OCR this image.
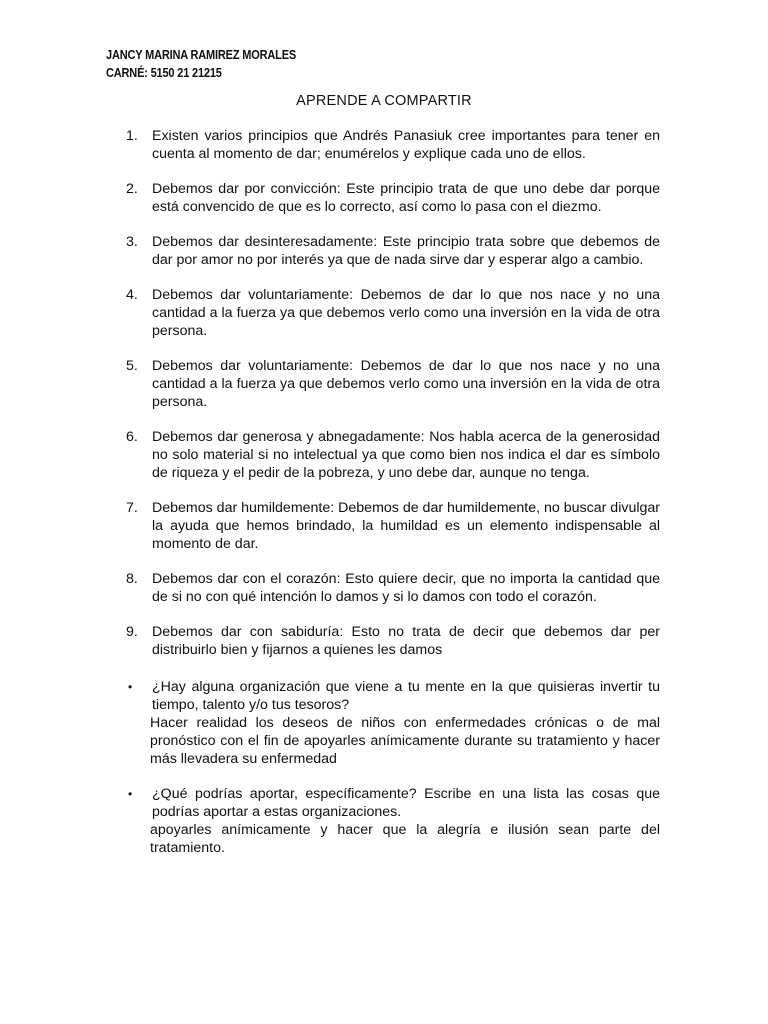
JANCY MARINA RAMIREZ MORALES
CARNÉ: 5150 21 21215
APRENDE A COMPARTIR
1. Existen varios principios que Andrés Panasiuk cree importantes para tener en cuenta al momento de dar; enumérelos y explique cada uno de ellos.
2. Debemos dar por convicción: Este principio trata de que uno debe dar porque está convencido de que es lo correcto, así como lo pasa con el diezmo.
3. Debemos dar desinteresadamente: Este principio trata sobre que debemos de dar por amor no por interés ya que de nada sirve dar y esperar algo a cambio.
4. Debemos dar voluntariamente: Debemos de dar lo que nos nace y no una cantidad a la fuerza ya que debemos verlo como una inversión en la vida de otra persona.
5. Debemos dar voluntariamente: Debemos de dar lo que nos nace y no una cantidad a la fuerza ya que debemos verlo como una inversión en la vida de otra persona.
6. Debemos dar generosa y abnegadamente: Nos habla acerca de la generosidad no solo material si no intelectual ya que como bien nos indica el dar es símbolo de riqueza y el pedir de la pobreza, y uno debe dar, aunque no tenga.
7. Debemos dar humildemente: Debemos de dar humildemente, no buscar divulgar la ayuda que hemos brindado, la humildad es un elemento indispensable al momento de dar.
8. Debemos dar con el corazón: Esto quiere decir, que no importa la cantidad que de si no con qué intención lo damos y si lo damos con todo el corazón.
9. Debemos dar con sabiduría: Esto no trata de decir que debemos dar per distribuirlo bien y fijarnos a quienes les damos
• ¿Hay alguna organización que viene a tu mente en la que quisieras invertir tu tiempo, talento y/o tus tesoros?
Hacer realidad los deseos de niños con enfermedades crónicas o de mal pronóstico con el fin de apoyarles anímicamente durante su tratamiento y hacer más llevadera su enfermedad
• ¿Qué podrías aportar, específicamente? Escribe en una lista las cosas que podrías aportar a estas organizaciones.
apoyarles anímicamente y hacer que la alegría e ilusión sean parte del tratamiento.
